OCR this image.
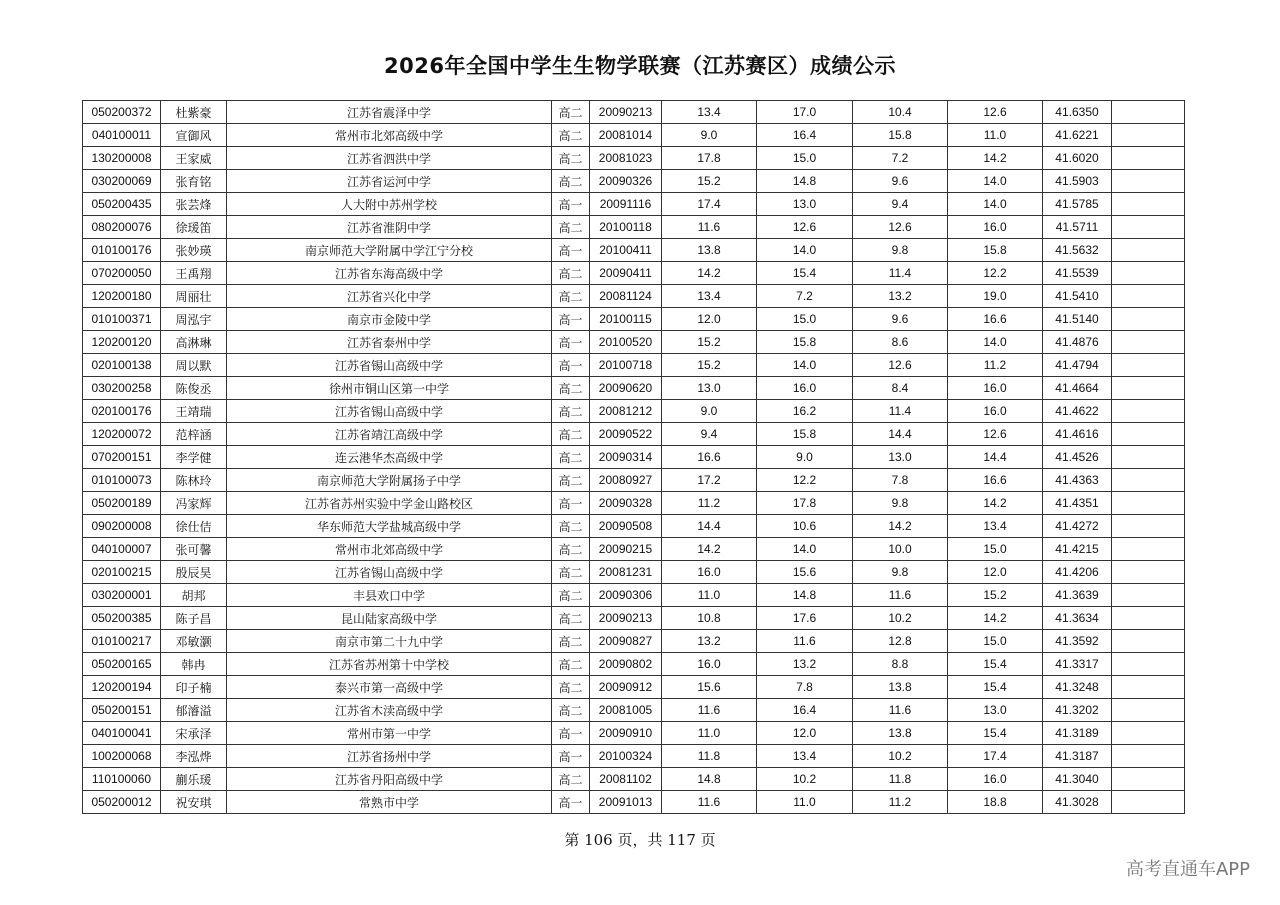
2026年全国中学生生物学联赛（江苏赛区）成绩公示
050200372	杜紫豪	江苏省震泽中学	高二	20090213	13.4	17.0	10.4	12.6	41.6350	
040100011	宣御风	常州市北郊高级中学	高二	20081014	9.0	16.4	15.8	11.0	41.6221	
130200008	王家威	江苏省泗洪中学	高二	20081023	17.8	15.0	7.2	14.2	41.6020	
030200069	张育铭	江苏省运河中学	高二	20090326	15.2	14.8	9.6	14.0	41.5903	
050200435	张芸烽	人大附中苏州学校	高一	20091116	17.4	13.0	9.4	14.0	41.5785	
080200076	徐瑗笛	江苏省淮阴中学	高二	20100118	11.6	12.6	12.6	16.0	41.5711	
010100176	张妙瑛	南京师范大学附属中学江宁分校	高一	20100411	13.8	14.0	9.8	15.8	41.5632	
070200050	王禹翔	江苏省东海高级中学	高二	20090411	14.2	15.4	11.4	12.2	41.5539	
120200180	周丽壮	江苏省兴化中学	高二	20081124	13.4	7.2	13.2	19.0	41.5410	
010100371	周泓宇	南京市金陵中学	高一	20100115	12.0	15.0	9.6	16.6	41.5140	
120200120	高淋琳	江苏省泰州中学	高一	20100520	15.2	15.8	8.6	14.0	41.4876	
020100138	周以默	江苏省锡山高级中学	高一	20100718	15.2	14.0	12.6	11.2	41.4794	
030200258	陈俊丞	徐州市铜山区第一中学	高二	20090620	13.0	16.0	8.4	16.0	41.4664	
020100176	王靖瑞	江苏省锡山高级中学	高二	20081212	9.0	16.2	11.4	16.0	41.4622	
120200072	范梓涵	江苏省靖江高级中学	高二	20090522	9.4	15.8	14.4	12.6	41.4616	
070200151	李学健	连云港华杰高级中学	高二	20090314	16.6	9.0	13.0	14.4	41.4526	
010100073	陈林玲	南京师范大学附属扬子中学	高二	20080927	17.2	12.2	7.8	16.6	41.4363	
050200189	冯家辉	江苏省苏州实验中学金山路校区	高一	20090328	11.2	17.8	9.8	14.2	41.4351	
090200008	徐仕佶	华东师范大学盐城高级中学	高二	20090508	14.4	10.6	14.2	13.4	41.4272	
040100007	张可馨	常州市北郊高级中学	高二	20090215	14.2	14.0	10.0	15.0	41.4215	
020100215	殷辰昊	江苏省锡山高级中学	高二	20081231	16.0	15.6	9.8	12.0	41.4206	
030200001	胡邦	丰县欢口中学	高二	20090306	11.0	14.8	11.6	15.2	41.3639	
050200385	陈子昌	昆山陆家高级中学	高二	20090213	10.8	17.6	10.2	14.2	41.3634	
010100217	邓敏灏	南京市第二十九中学	高二	20090827	13.2	11.6	12.8	15.0	41.3592	
050200165	韩冉	江苏省苏州第十中学校	高二	20090802	16.0	13.2	8.8	15.4	41.3317	
120200194	印子楠	泰兴市第一高级中学	高二	20090912	15.6	7.8	13.8	15.4	41.3248	
050200151	郁濬溢	江苏省木渎高级中学	高二	20081005	11.6	16.4	11.6	13.0	41.3202	
040100041	宋承泽	常州市第一中学	高一	20090910	11.0	12.0	13.8	15.4	41.3189	
100200068	李泓烨	江苏省扬州中学	高一	20100324	11.8	13.4	10.2	17.4	41.3187	
110100060	蒯乐瑗	江苏省丹阳高级中学	高二	20081102	14.8	10.2	11.8	16.0	41.3040	
050200012	祝安琪	常熟市中学	高一	20091013	11.6	11.0	11.2	18.8	41.3028	
第 106 页，共 117 页
高考直通车APP
